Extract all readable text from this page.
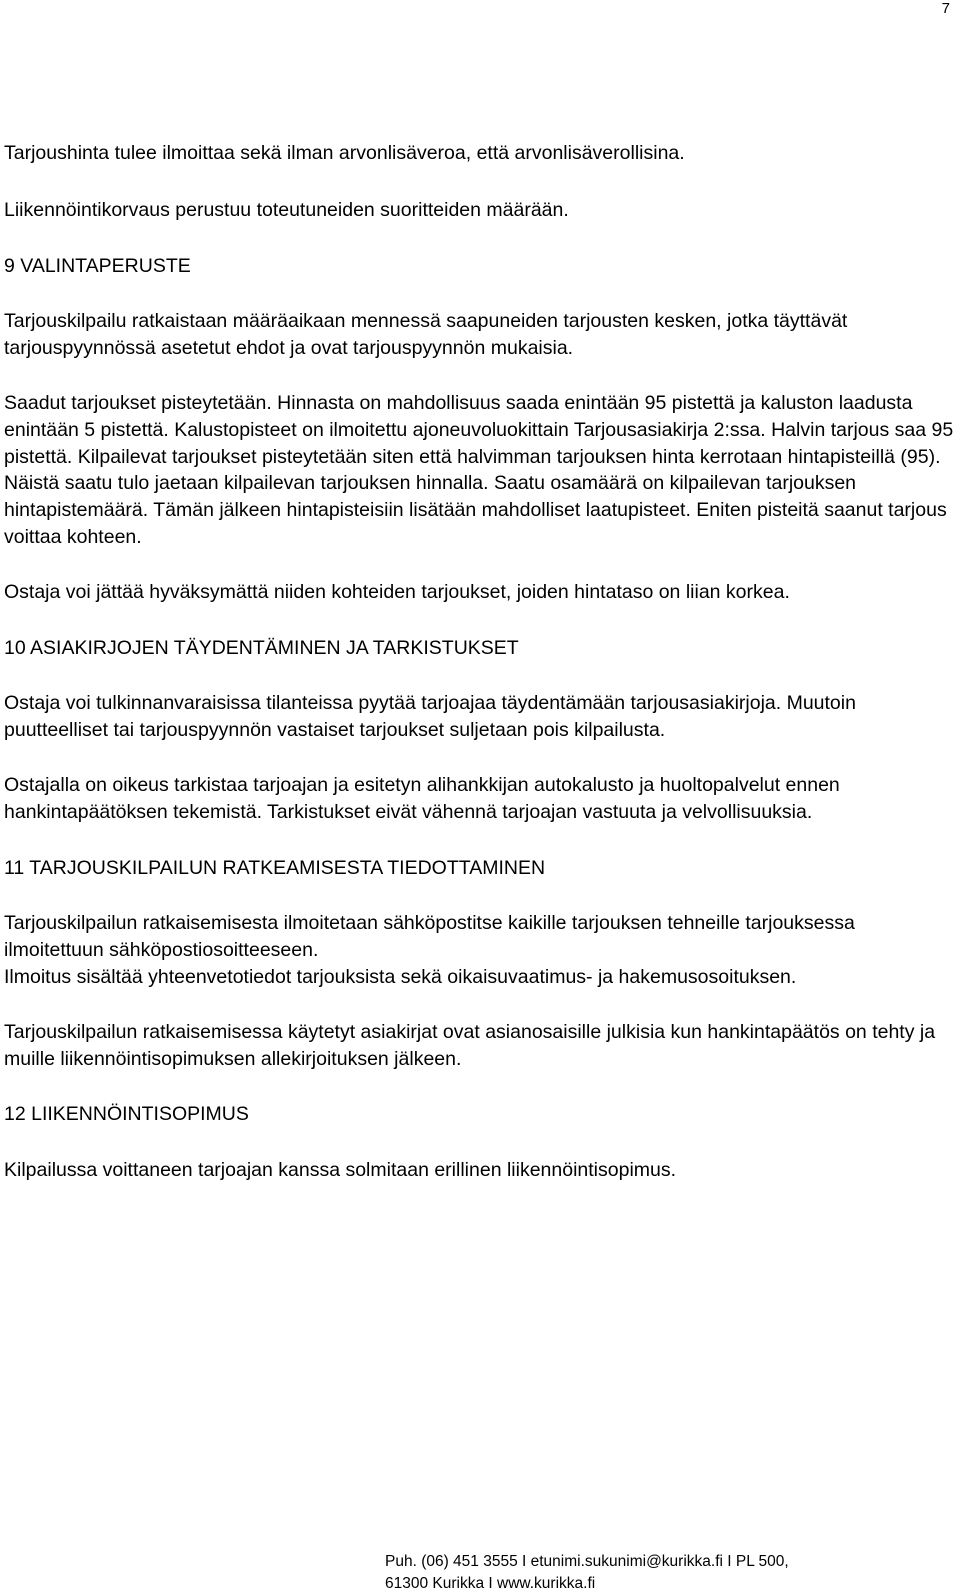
7

Tarjoushinta tulee ilmoittaa sekä ilman arvonlisäveroa, että arvonlisäverollisina.

Liikennöintikorvaus perustuu toteutuneiden suoritteiden määrään.

9 VALINTAPERUSTE

Tarjouskilpailu ratkaistaan määräaikaan mennessä saapuneiden tarjousten kesken, jotka täyttävät tarjouspyynnössä asetetut ehdot ja ovat tarjouspyynnön mukaisia.

Saadut tarjoukset pisteytetään. Hinnasta on mahdollisuus saada enintään 95 pistettä ja kaluston laadusta enintään 5 pistettä. Kalustopisteet on ilmoitettu ajoneuvoluokittain Tarjousasiakirja 2:ssa. Halvin tarjous saa 95 pistettä. Kilpailevat tarjoukset pisteytetään siten että halvimman tarjouksen hinta kerrotaan hintapisteillä (95). Näistä saatu tulo jaetaan kilpailevan tarjouksen hinnalla. Saatu osamäärä on kilpailevan tarjouksen hintapistemäärä. Tämän jälkeen hintapisteisiin lisätään mahdolliset laatupisteet. Eniten pisteitä saanut tarjous voittaa kohteen.

Ostaja voi jättää hyväksymättä niiden kohteiden tarjoukset, joiden hintataso on liian korkea.

10 ASIAKIRJOJEN TÄYDENTÄMINEN JA TARKISTUKSET

Ostaja voi tulkinnanvaraisissa tilanteissa pyytää tarjoajaa täydentämään tarjousasiakirjoja. Muutoin puutteelliset tai tarjouspyynnön vastaiset tarjoukset suljetaan pois kilpailusta.

Ostajalla on oikeus tarkistaa tarjoajan ja esitetyn alihankkijan autokalusto ja huoltopalvelut ennen hankintapäätöksen tekemistä. Tarkistukset eivät vähennä tarjoajan vastuuta ja velvollisuuksia.

11 TARJOUSKILPAILUN RATKEAMISESTA TIEDOTTAMINEN

Tarjouskilpailun ratkaisemisesta ilmoitetaan sähköpostitse kaikille tarjouksen tehneille tarjouksessa ilmoitettuun sähköpostiosoitteeseen.

Ilmoitus sisältää yhteenvetotiedot tarjouksista sekä oikaisuvaatimus- ja hakemusosoituksen.

Tarjouskilpailun ratkaisemisessa käytetyt asiakirjat ovat asianosaisille julkisia kun hankintapäätös on tehty ja muille liikennöintisopimuksen allekirjoituksen jälkeen.

12 LIIKENNÖINTISOPIMUS

Kilpailussa voittaneen tarjoajan kanssa solmitaan erillinen liikennöintisopimus.

Puh. (06) 451 3555 I etunimi.sukunimi@kurikka.fi I PL 500,
61300 Kurikka I www.kurikka.fi
